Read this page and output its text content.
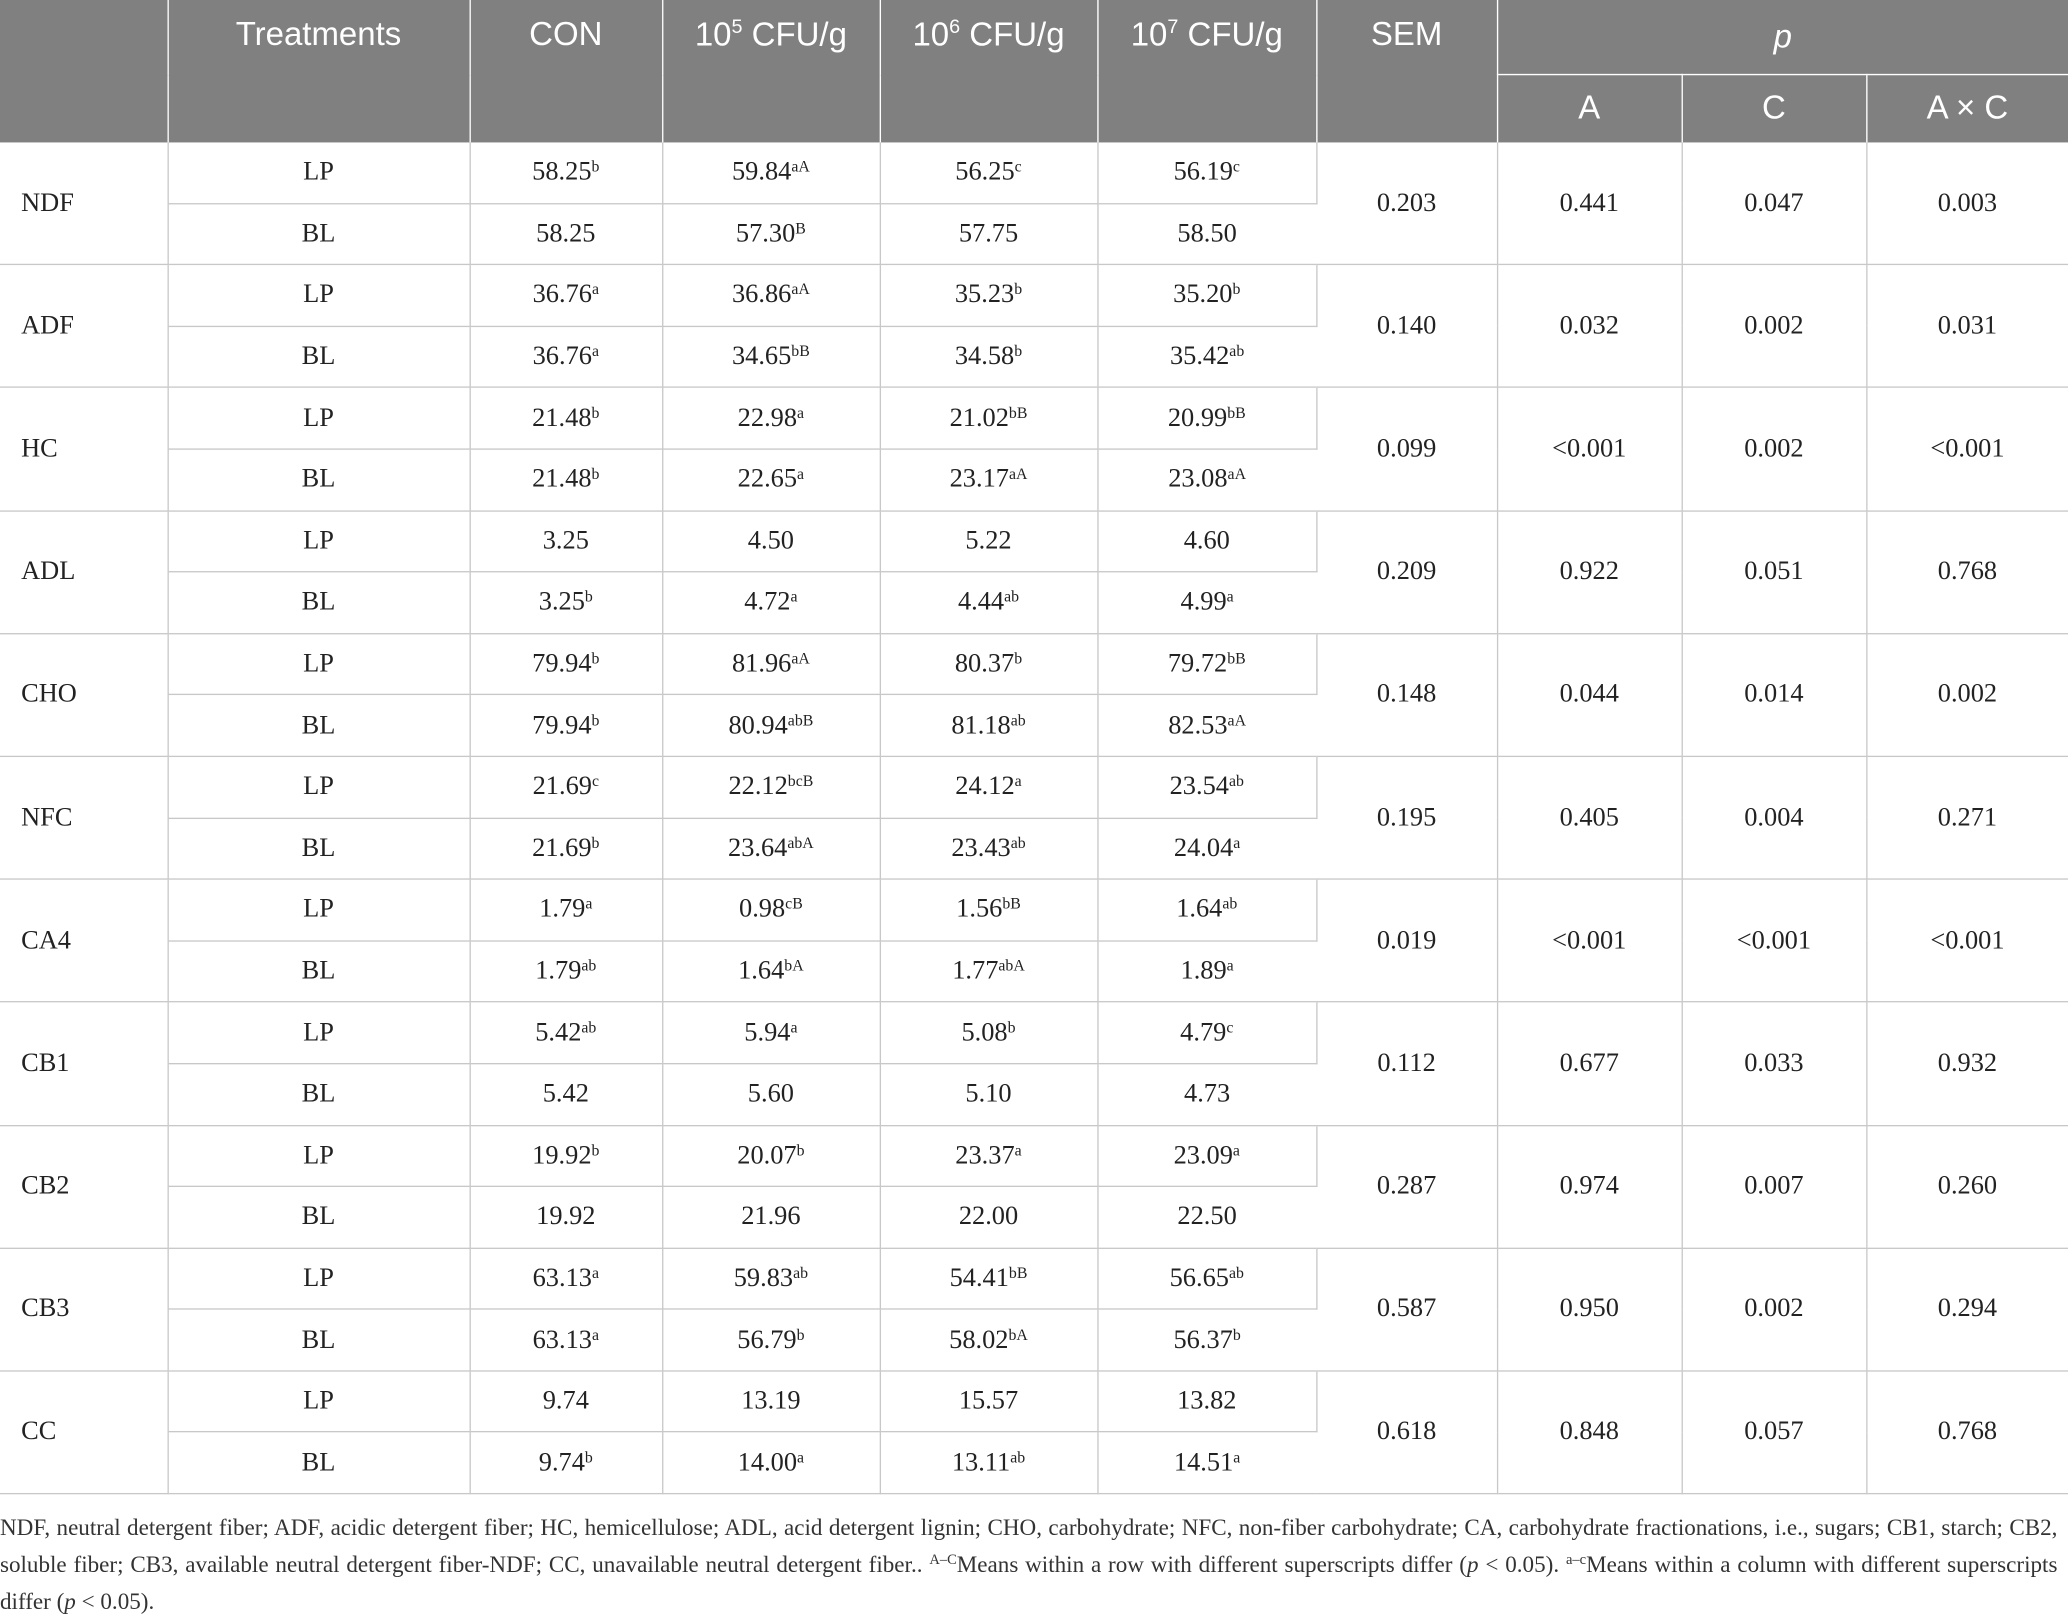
	Treatments	CON	$10^5$ CFU/g	$10^6$ CFU/g	$10^7$ CFU/g	SEM	p		
							A	C	A × C
NDF	LP	58.25$^b$	$59.84^{aA}$	56.25$^c$	56.19$^c$	0.203	0.441	0.047	0.003
	BL	58.25	$57.30^B$	57.75	58.50				
ADF	LP	36.76$^a$	$36.86^{aA}$	35.23$^b$	35.20$^b$	0.140	0.032	0.002	0.031
	BL	36.76$^a$	$34.65^{bB}$	34.58$^b$	35.42$^{ab}$
HC	LP	21.48$^b$	22.98$^a$	$21.02^{bB}$	$20.99^{bB}$	0.099	<0.001	0.002	<0.001
	BL	21.48$^b$	22.65$^a$	$23.17^{aA}$	$23.08^{aA}$
ADL	LP	3.25	4.50	5.22	4.60	0.209	0.922	0.051	0.768
	BL	3.25$^b$	4.72$^a$	4.44$^{ab}$	4.99$^a$
CHO	LP	79.94$^b$	$81.96^{aA}$	80.37$^b$	$79.72^{bB}$	0.148	0.044	0.014	0.002
	BL	79.94$^b$	$80.94^{abB}$	81.18$^{ab}$	$82.53^{aA}$
NFC	LP	21.69$^c$	$22.12^{bcB}$	24.12$^a$	23.54$^{ab}$	0.195	0.405	0.004	0.271
	BL	21.69$^b$	$23.64^{abA}$	23.43$^{ab}$	24.04$^a$
CA4	LP	1.79$^a$	$0.98^{cB}$	$1.56^{bB}$	1.64$^{ab}$	0.019	<0.001	<0.001	<0.001
	BL	1.79$^{ab}$	$1.64^{bA}$	$1.77^{abA}$	1.89$^a$
CB1	LP	5.42$^{ab}$	5.94$^a$	5.08$^b$	4.79$^c$	0.112	0.677	0.033	0.932
	BL	5.42	5.60	5.10	4.73				
CB2	LP	19.92$^b$	20.07$^b$	23.37$^a$	23.09$^a$	0.287	0.974	0.007	0.260
	BL	19.92	21.96	22.00	22.50				
CB3	LP	63.13$^a$	59.83$^{ab}$	$54.41^{bB}$	56.65$^{ab}$	0.587	0.950	0.002	0.294
	BL	63.13$^a$	56.79$^b$	$58.02^{bA}$	56.37$^b$
CC	LP	9.74	13.19	15.57	13.82	0.618	0.848	0.057	0.768
	BL	9.74$^b$	14.00$^a$	13.11$^{ab}$	14.51$^a$
NDF, neutral detergent fiber; ADF, acidic detergent fiber; HC, hemicellulose; ADL, acid detergent lignin; CHO, carbohydrate; NFC, non-fiber carbohydrate; CA, carbohydrate fractionations, i.e., sugars; CB1, starch; CB2, soluble fiber; CB3, available neutral detergent fiber-NDF; CC, unavailable neutral detergent fiber.. $^{A-C}$Means within a row with different superscripts differ (p < 0.05). $^{a-c}$Means within a column with different superscripts differ (p < 0.05).
